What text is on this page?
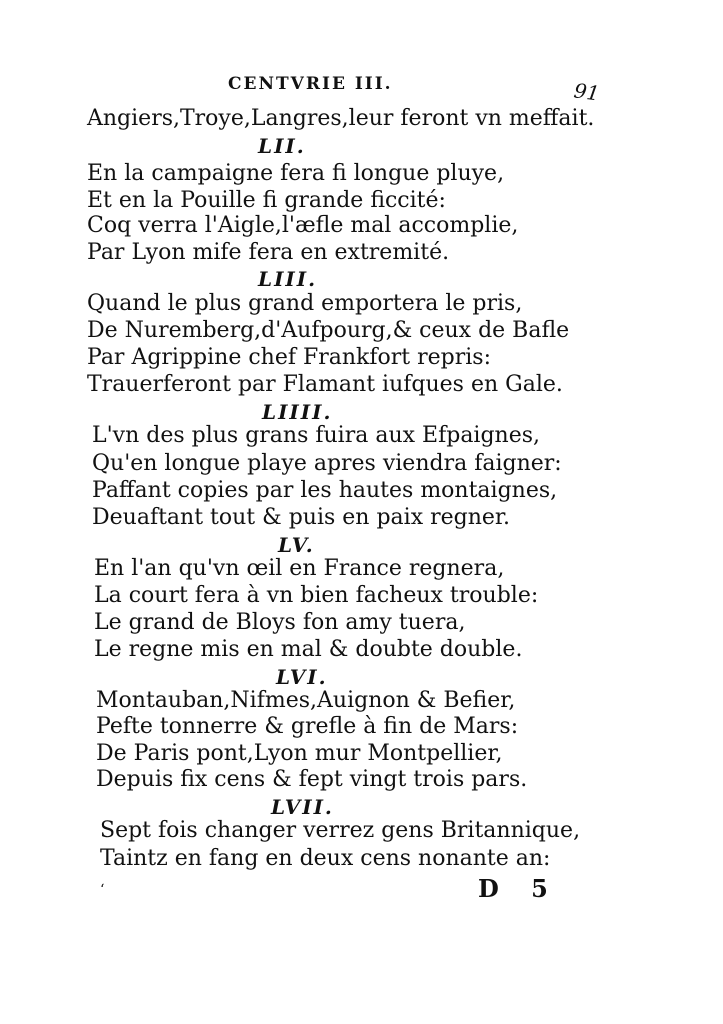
CENTVRIE III.	91
Angiers,Troye,Langres,leur feront vn meffait.
LII.
En la campaigne fera fi longue pluye,
Et en la Pouille fi grande ficcité:
Coq verra l'Aigle,l'æfle mal accomplie,
Par Lyon mife fera en extremité.
LIII.
Quand le plus grand emportera le pris,
De Nuremberg,d'Aufpourg,& ceux de Bafle
Par Agrippine chef Frankfort repris:
Trauerferont par Flamant iufques en Gale.
LIIII.
L'vn des plus grans fuira aux Efpaignes,
Qu'en longue playe apres viendra faigner:
Paffant copies par les hautes montaignes,
Deuaftant tout & puis en paix regner.
LV.
En l'an qu'vn œil en France regnera,
La court fera à vn bien facheux trouble:
Le grand de Bloys fon amy tuera,
Le regne mis en mal & doubte double.
LVI.
Montauban,Nifmes,Auignon & Befier,
Pefte tonnerre & grefle à fin de Mars:
De Paris pont,Lyon mur Montpellier,
Depuis fix cens & fept vingt trois pars.
LVII.
Sept fois changer verrez gens Britannique,
Taintz en fang en deux cens nonante an:
‘	D 5
